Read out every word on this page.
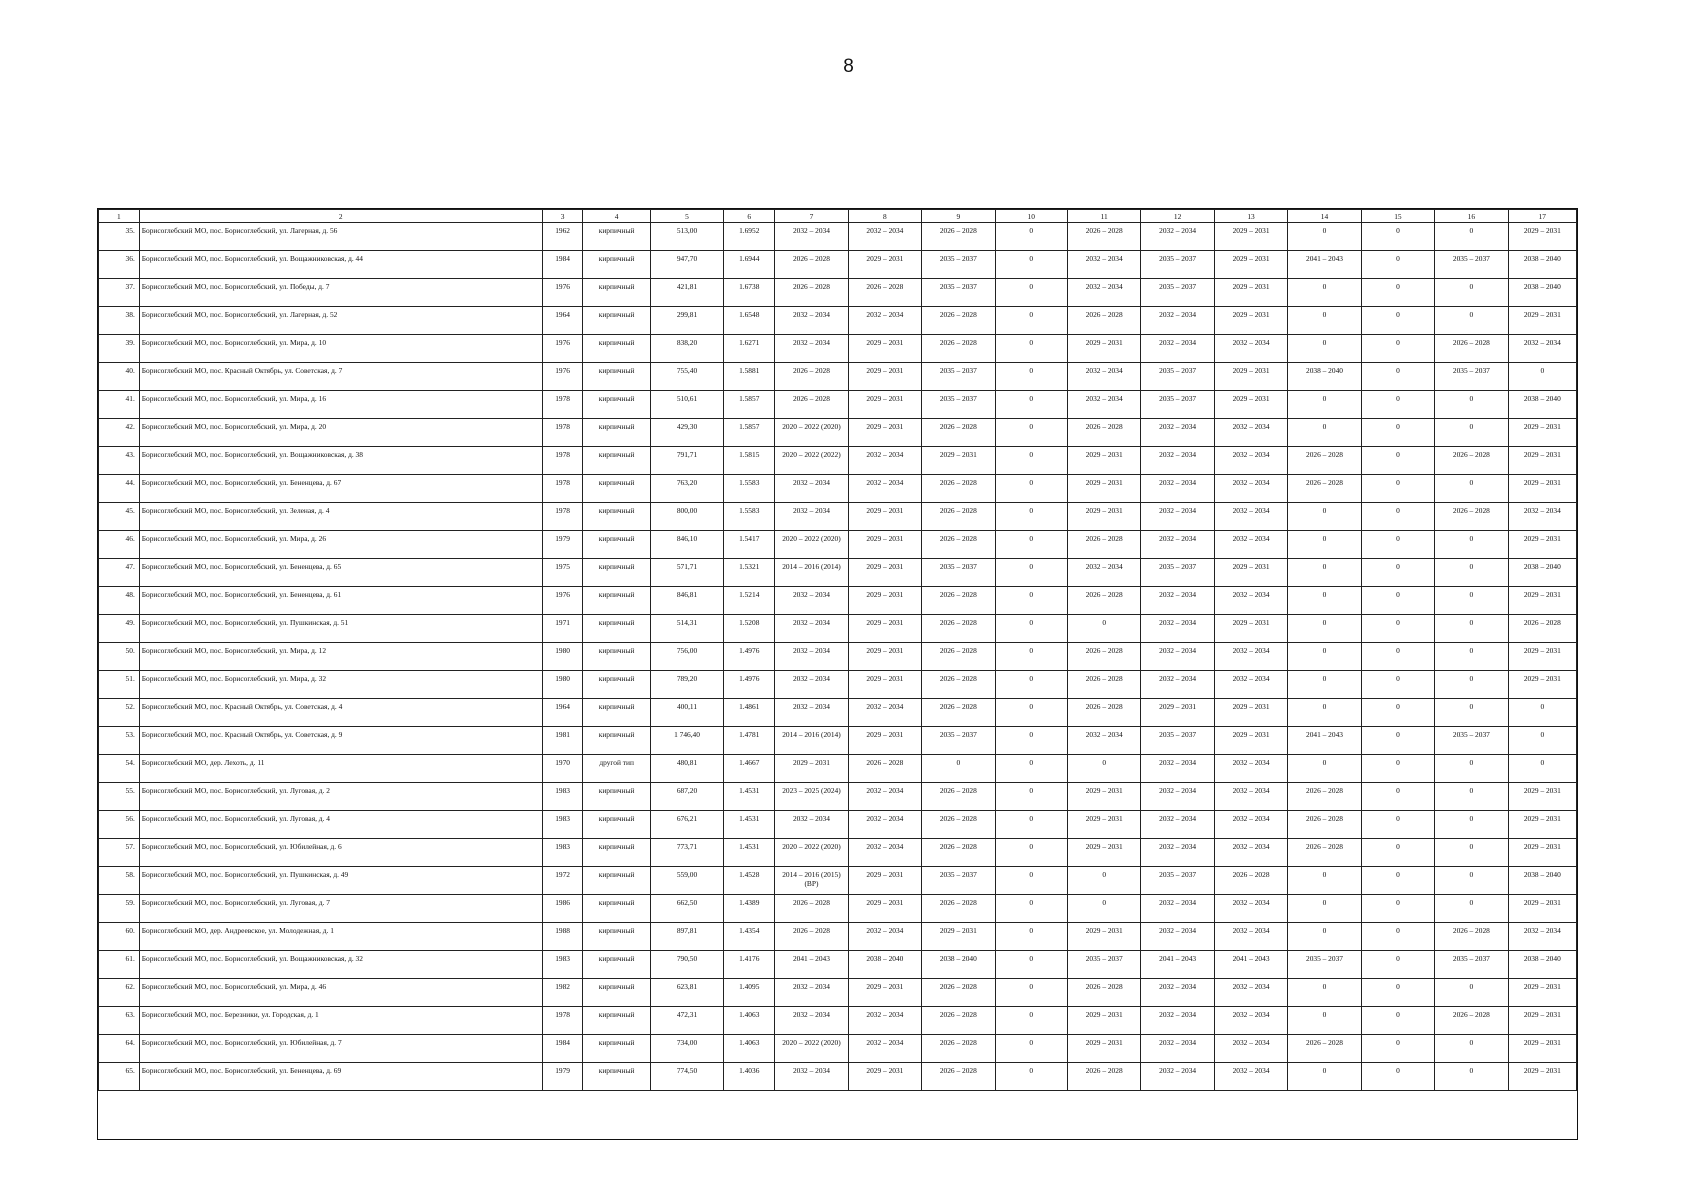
8
1	2	3	4	5	6	7	8	9	10	11	12	13	14	15	16	17
35.	Борисоглебский МО, пос. Борисоглебский, ул. Лагерная, д. 56	1962	кирпичный	513,00	1.6952	2032 – 2034	2032 – 2034	2026 – 2028	0	2026 – 2028	2032 – 2034	2029 – 2031	0	0	0	2029 – 2031
36.	Борисоглебский МО, пос. Борисоглебский, ул. Вощажниковская, д. 44	1984	кирпичный	947,70	1.6944	2026 – 2028	2029 – 2031	2035 – 2037	0	2032 – 2034	2035 – 2037	2029 – 2031	2041 – 2043	0	2035 – 2037	2038 – 2040
37.	Борисоглебский МО, пос. Борисоглебский, ул. Победы, д. 7	1976	кирпичный	421,81	1.6738	2026 – 2028	2026 – 2028	2035 – 2037	0	2032 – 2034	2035 – 2037	2029 – 2031	0	0	0	2038 – 2040
38.	Борисоглебский МО, пос. Борисоглебский, ул. Лагерная, д. 52	1964	кирпичный	299,81	1.6548	2032 – 2034	2032 – 2034	2026 – 2028	0	2026 – 2028	2032 – 2034	2029 – 2031	0	0	0	2029 – 2031
39.	Борисоглебский МО, пос. Борисоглебский, ул. Мира, д. 10	1976	кирпичный	838,20	1.6271	2032 – 2034	2029 – 2031	2026 – 2028	0	2029 – 2031	2032 – 2034	2032 – 2034	0	0	2026 – 2028	2032 – 2034
40.	Борисоглебский МО, пос. Красный Октябрь, ул. Советская, д. 7	1976	кирпичный	755,40	1.5881	2026 – 2028	2029 – 2031	2035 – 2037	0	2032 – 2034	2035 – 2037	2029 – 2031	2038 – 2040	0	2035 – 2037	0
41.	Борисоглебский МО, пос. Борисоглебский, ул. Мира, д. 16	1978	кирпичный	510,61	1.5857	2026 – 2028	2029 – 2031	2035 – 2037	0	2032 – 2034	2035 – 2037	2029 – 2031	0	0	0	2038 – 2040
42.	Борисоглебский МО, пос. Борисоглебский, ул. Мира, д. 20	1978	кирпичный	429,30	1.5857	2020 – 2022 (2020)	2029 – 2031	2026 – 2028	0	2026 – 2028	2032 – 2034	2032 – 2034	0	0	0	2029 – 2031
43.	Борисоглебский МО, пос. Борисоглебский, ул. Вощажниковская, д. 38	1978	кирпичный	791,71	1.5815	2020 – 2022 (2022)	2032 – 2034	2029 – 2031	0	2029 – 2031	2032 – 2034	2032 – 2034	2026 – 2028	0	2026 – 2028	2029 – 2031
44.	Борисоглебский МО, пос. Борисоглебский, ул. Бененцева, д. 67	1978	кирпичный	763,20	1.5583	2032 – 2034	2032 – 2034	2026 – 2028	0	2029 – 2031	2032 – 2034	2032 – 2034	2026 – 2028	0	0	2029 – 2031
45.	Борисоглебский МО, пос. Борисоглебский, ул. Зеленая, д. 4	1978	кирпичный	800,00	1.5583	2032 – 2034	2029 – 2031	2026 – 2028	0	2029 – 2031	2032 – 2034	2032 – 2034	0	0	2026 – 2028	2032 – 2034
46.	Борисоглебский МО, пос. Борисоглебский, ул. Мира, д. 26	1979	кирпичный	846,10	1.5417	2020 – 2022 (2020)	2029 – 2031	2026 – 2028	0	2026 – 2028	2032 – 2034	2032 – 2034	0	0	0	2029 – 2031
47.	Борисоглебский МО, пос. Борисоглебский, ул. Бененцева, д. 65	1975	кирпичный	571,71	1.5321	2014 – 2016 (2014)	2029 – 2031	2035 – 2037	0	2032 – 2034	2035 – 2037	2029 – 2031	0	0	0	2038 – 2040
48.	Борисоглебский МО, пос. Борисоглебский, ул. Бененцева, д. 61	1976	кирпичный	846,81	1.5214	2032 – 2034	2029 – 2031	2026 – 2028	0	2026 – 2028	2032 – 2034	2032 – 2034	0	0	0	2029 – 2031
49.	Борисоглебский МО, пос. Борисоглебский, ул. Пушкинская, д. 51	1971	кирпичный	514,31	1.5208	2032 – 2034	2029 – 2031	2026 – 2028	0	0	2032 – 2034	2029 – 2031	0	0	0	2026 – 2028
50.	Борисоглебский МО, пос. Борисоглебский, ул. Мира, д. 12	1980	кирпичный	756,00	1.4976	2032 – 2034	2029 – 2031	2026 – 2028	0	2026 – 2028	2032 – 2034	2032 – 2034	0	0	0	2029 – 2031
51.	Борисоглебский МО, пос. Борисоглебский, ул. Мира, д. 32	1980	кирпичный	789,20	1.4976	2032 – 2034	2029 – 2031	2026 – 2028	0	2026 – 2028	2032 – 2034	2032 – 2034	0	0	0	2029 – 2031
52.	Борисоглебский МО, пос. Красный Октябрь, ул. Советская, д. 4	1964	кирпичный	400,11	1.4861	2032 – 2034	2032 – 2034	2026 – 2028	0	2026 – 2028	2029 – 2031	2029 – 2031	0	0	0	0
53.	Борисоглебский МО, пос. Красный Октябрь, ул. Советская, д. 9	1981	кирпичный	1 746,40	1.4781	2014 – 2016 (2014)	2029 – 2031	2035 – 2037	0	2032 – 2034	2035 – 2037	2029 – 2031	2041 – 2043	0	2035 – 2037	0
54.	Борисоглебский МО, дер. Лехоть, д. 11	1970	другой тип	480,81	1.4667	2029 – 2031	2026 – 2028	0	0	0	2032 – 2034	2032 – 2034	0	0	0	0
55.	Борисоглебский МО, пос. Борисоглебский, ул. Луговая, д. 2	1983	кирпичный	687,20	1.4531	2023 – 2025 (2024)	2032 – 2034	2026 – 2028	0	2029 – 2031	2032 – 2034	2032 – 2034	2026 – 2028	0	0	2029 – 2031
56.	Борисоглебский МО, пос. Борисоглебский, ул. Луговая, д. 4	1983	кирпичный	676,21	1.4531	2032 – 2034	2032 – 2034	2026 – 2028	0	2029 – 2031	2032 – 2034	2032 – 2034	2026 – 2028	0	0	2029 – 2031
57.	Борисоглебский МО, пос. Борисоглебский, ул. Юбилейная, д. 6	1983	кирпичный	773,71	1.4531	2020 – 2022 (2020)	2032 – 2034	2026 – 2028	0	2029 – 2031	2032 – 2034	2032 – 2034	2026 – 2028	0	0	2029 – 2031
58.	Борисоглебский МО, пос. Борисоглебский, ул. Пушкинская, д. 49	1972	кирпичный	559,00	1.4528	2014 – 2016 (2015) (ВР)	2029 – 2031	2035 – 2037	0	0	2035 – 2037	2026 – 2028	0	0	0	2038 – 2040
59.	Борисоглебский МО, пос. Борисоглебский, ул. Луговая, д. 7	1986	кирпичный	662,50	1.4389	2026 – 2028	2029 – 2031	2026 – 2028	0	0	2032 – 2034	2032 – 2034	0	0	0	2029 – 2031
60.	Борисоглебский МО, дер. Андреевское, ул. Молодежная, д. 1	1988	кирпичный	897,81	1.4354	2026 – 2028	2032 – 2034	2029 – 2031	0	2029 – 2031	2032 – 2034	2032 – 2034	0	0	2026 – 2028	2032 – 2034
61.	Борисоглебский МО, пос. Борисоглебский, ул. Вощажниковская, д. 32	1983	кирпичный	790,50	1.4176	2041 – 2043	2038 – 2040	2038 – 2040	0	2035 – 2037	2041 – 2043	2041 – 2043	2035 – 2037	0	2035 – 2037	2038 – 2040
62.	Борисоглебский МО, пос. Борисоглебский, ул. Мира, д. 46	1982	кирпичный	623,81	1.4095	2032 – 2034	2029 – 2031	2026 – 2028	0	2026 – 2028	2032 – 2034	2032 – 2034	0	0	0	2029 – 2031
63.	Борисоглебский МО, пос. Березники, ул. Городская, д. 1	1978	кирпичный	472,31	1.4063	2032 – 2034	2032 – 2034	2026 – 2028	0	2029 – 2031	2032 – 2034	2032 – 2034	0	0	2026 – 2028	2029 – 2031
64.	Борисоглебский МО, пос. Борисоглебский, ул. Юбилейная, д. 7	1984	кирпичный	734,00	1.4063	2020 – 2022 (2020)	2032 – 2034	2026 – 2028	0	2029 – 2031	2032 – 2034	2032 – 2034	2026 – 2028	0	0	2029 – 2031
65.	Борисоглебский МО, пос. Борисоглебский, ул. Бененцева, д. 69	1979	кирпичный	774,50	1.4036	2032 – 2034	2029 – 2031	2026 – 2028	0	2026 – 2028	2032 – 2034	2032 – 2034	0	0	0	2029 – 2031
